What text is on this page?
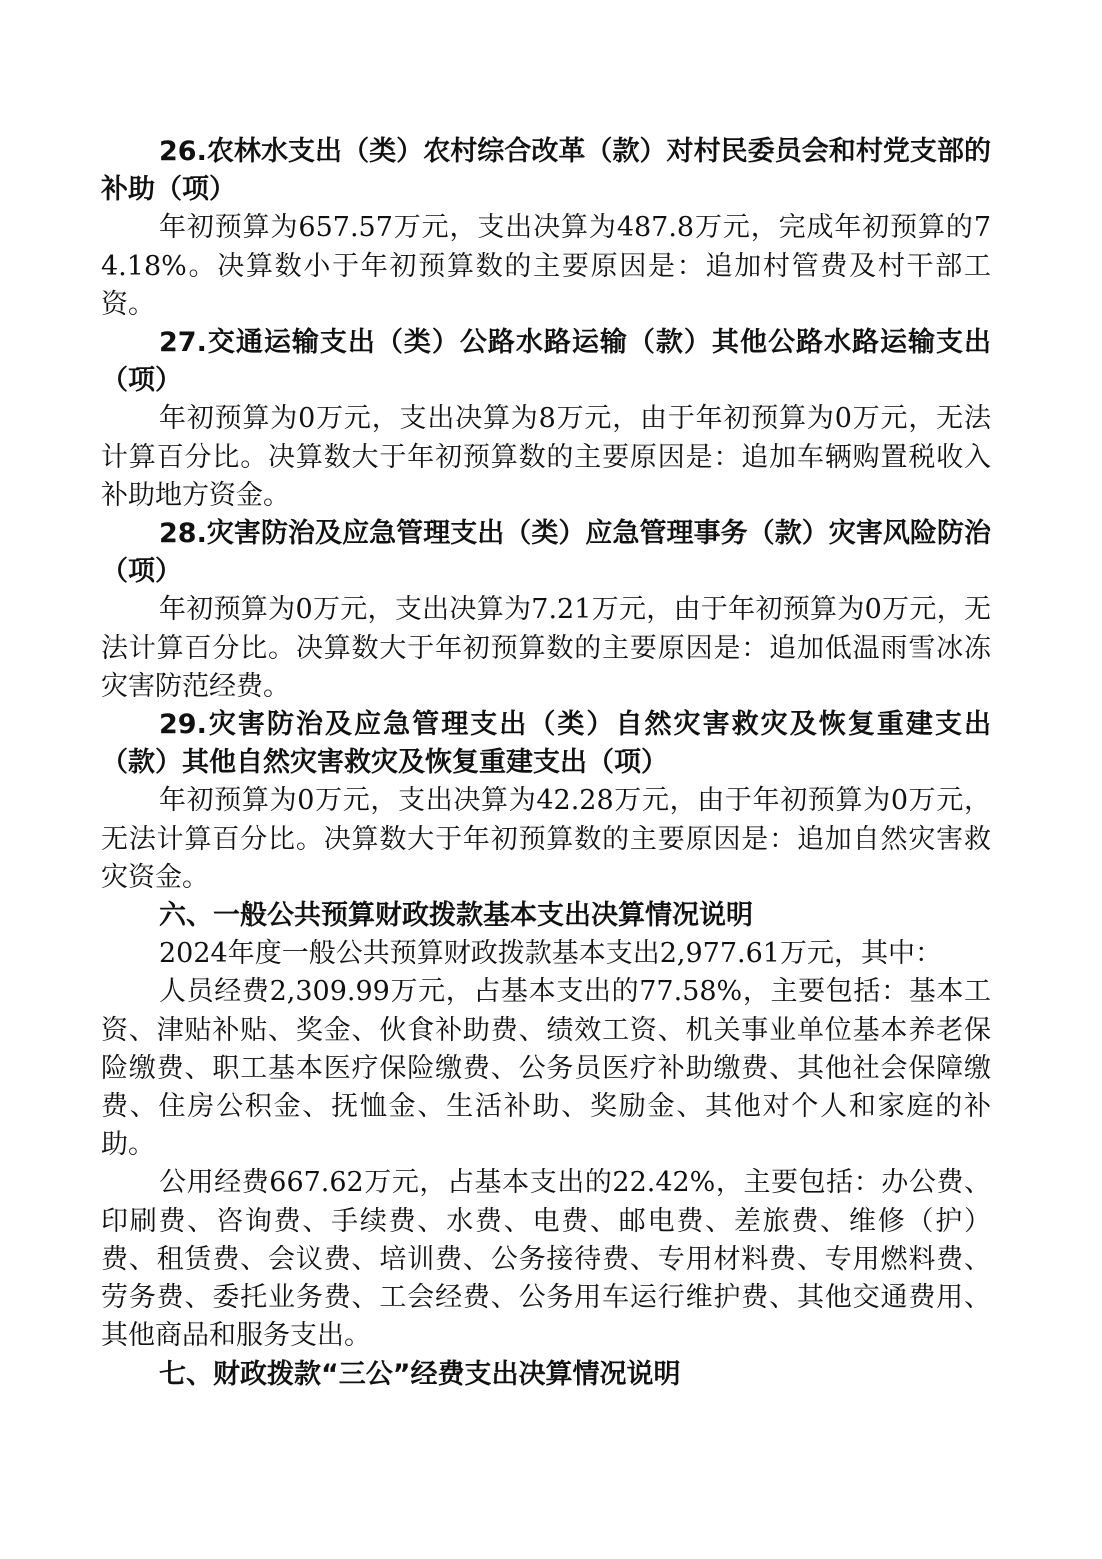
26.农林水支出（类）农村综合改革（款）对村民委员会和村党支部的补助（项）

年初预算为657.57万元，支出决算为487.8万元，完成年初预算的74.18%。决算数小于年初预算数的主要原因是：追加村管费及村干部工资。

27.交通运输支出（类）公路水路运输（款）其他公路水路运输支出（项）

年初预算为0万元，支出决算为8万元，由于年初预算为0万元，无法计算百分比。决算数大于年初预算数的主要原因是：追加车辆购置税收入补助地方资金。

28.灾害防治及应急管理支出（类）应急管理事务（款）灾害风险防治（项）

年初预算为0万元，支出决算为7.21万元，由于年初预算为0万元，无法计算百分比。决算数大于年初预算数的主要原因是：追加低温雨雪冰冻灾害防范经费。

29.灾害防治及应急管理支出（类）自然灾害救灾及恢复重建支出（款）其他自然灾害救灾及恢复重建支出（项）

年初预算为0万元，支出决算为42.28万元，由于年初预算为0万元，无法计算百分比。决算数大于年初预算数的主要原因是：追加自然灾害救灾资金。

六、一般公共预算财政拨款基本支出决算情况说明

2024年度一般公共预算财政拨款基本支出2,977.61万元，其中：

人员经费2,309.99万元，占基本支出的77.58%，主要包括：基本工资、津贴补贴、奖金、伙食补助费、绩效工资、机关事业单位基本养老保险缴费、职工基本医疗保险缴费、公务员医疗补助缴费、其他社会保障缴费、住房公积金、抚恤金、生活补助、奖励金、其他对个人和家庭的补助。

公用经费667.62万元，占基本支出的22.42%，主要包括：办公费、印刷费、咨询费、手续费、水费、电费、邮电费、差旅费、维修（护）费、租赁费、会议费、培训费、公务接待费、专用材料费、专用燃料费、劳务费、委托业务费、工会经费、公务用车运行维护费、其他交通费用、其他商品和服务支出。

七、财政拨款“三公”经费支出决算情况说明
